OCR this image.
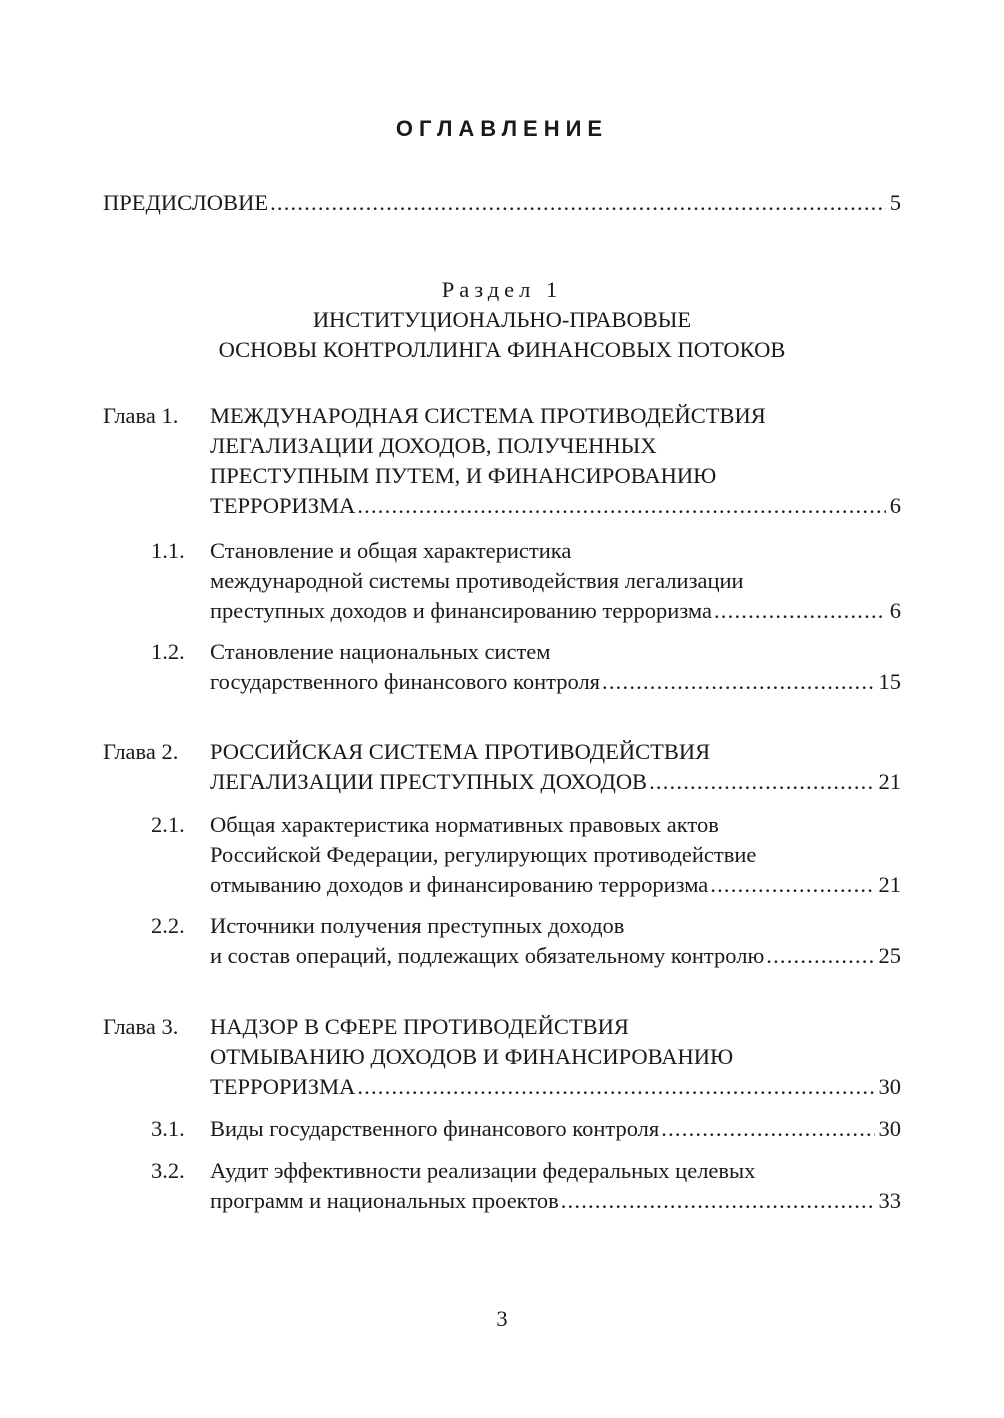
ОГЛАВЛЕНИЕ
ПРЕДИСЛОВИЕ .....	5
Раздел 1
ИНСТИТУЦИОНАЛЬНО-ПРАВОВЫЕ
ОСНОВЫ КОНТРОЛЛИНГА ФИНАНСОВЫХ ПОТОКОВ
Глава 1. МЕЖДУНАРОДНАЯ СИСТЕМА ПРОТИВОДЕЙСТВИЯ
ЛЕГАЛИЗАЦИИ ДОХОДОВ, ПОЛУЧЕННЫХ
ПРЕСТУПНЫМ ПУТЕМ, И ФИНАНСИРОВАНИЮ
ТЕРРОРИЗМА .....	6
1.1. Становление и общая характеристика
международной системы противодействия легализации
преступных доходов и финансированию терроризма .....	6
1.2. Становление национальных систем
государственного финансового контроля .....	15
Глава 2. РОССИЙСКАЯ СИСТЕМА ПРОТИВОДЕЙСТВИЯ
ЛЕГАЛИЗАЦИИ ПРЕСТУПНЫХ ДОХОДОВ .....	21
2.1. Общая характеристика нормативных правовых актов
Российской Федерации, регулирующих противодействие
отмыванию доходов и финансированию терроризма .....	21
2.2. Источники получения преступных доходов
и состав операций, подлежащих обязательному контролю .....	25
Глава 3. НАДЗОР В СФЕРЕ ПРОТИВОДЕЙСТВИЯ
ОТМЫВАНИЮ ДОХОДОВ И ФИНАНСИРОВАНИЮ
ТЕРРОРИЗМА .....	30
3.1. Виды государственного финансового контроля .....	30
3.2. Аудит эффективности реализации федеральных целевых
программ и национальных проектов .....	33
3
